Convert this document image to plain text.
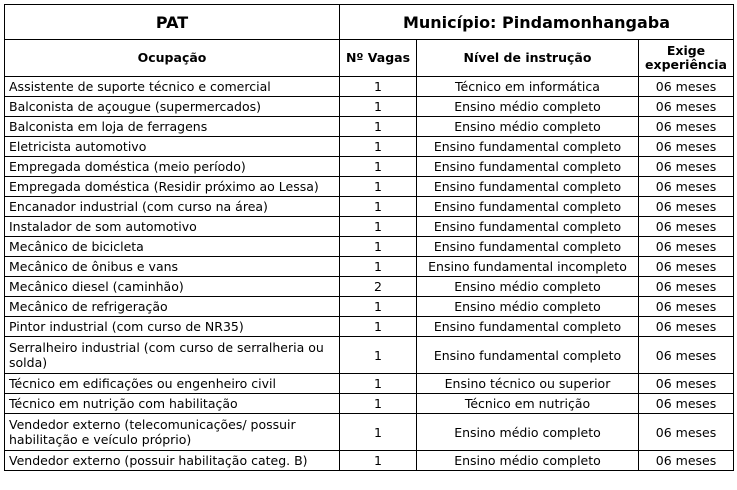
PAT	Município: Pindamonhangaba		
Ocupação	Nº Vagas	Nível de instrução	Exige experiência
Assistente de suporte técnico e comercial	1	Técnico em informática	06 meses
Balconista de açougue (supermercados)	1	Ensino médio completo	06 meses
Balconista em loja de ferragens	1	Ensino médio completo	06 meses
Eletricista automotivo	1	Ensino fundamental completo	06 meses
Empregada doméstica (meio período)	1	Ensino fundamental completo	06 meses
Empregada doméstica (Residir próximo ao Lessa)	1	Ensino fundamental completo	06 meses
Encanador industrial (com curso na área)	1	Ensino fundamental completo	06 meses
Instalador de som automotivo	1	Ensino fundamental completo	06 meses
Mecânico de bicicleta	1	Ensino fundamental completo	06 meses
Mecânico de ônibus e vans	1	Ensino fundamental incompleto	06 meses
Mecânico diesel (caminhão)	2	Ensino médio completo	06 meses
Mecânico de refrigeração	1	Ensino médio completo	06 meses
Pintor industrial (com curso de NR35)	1	Ensino fundamental completo	06 meses
Serralheiro industrial (com curso de serralheria ou solda)	1	Ensino fundamental completo	06 meses
Técnico em edificações ou engenheiro civil	1	Ensino técnico ou superior	06 meses
Técnico em nutrição com habilitação	1	Técnico em nutrição	06 meses
Vendedor externo (telecomunicações/ possuir habilitação e veículo próprio)	1	Ensino médio completo	06 meses
Vendedor externo (possuir habilitação categ. B)	1	Ensino médio completo	06 meses
